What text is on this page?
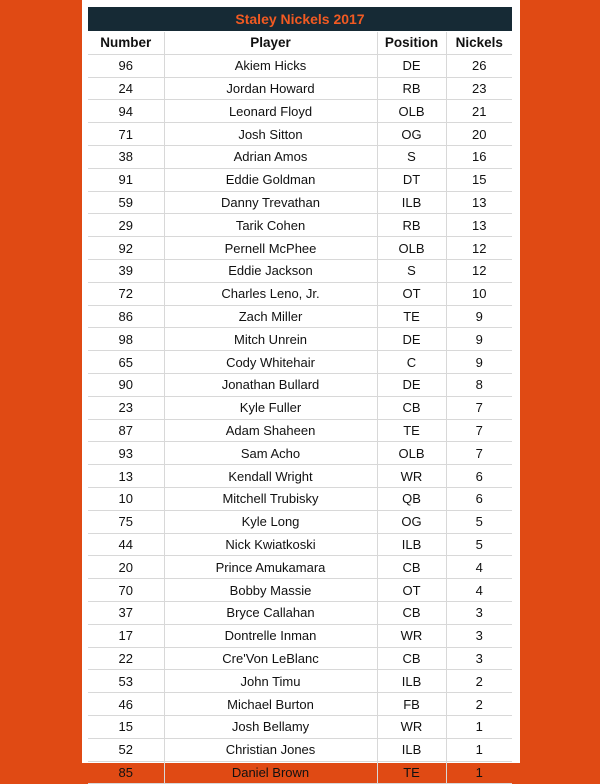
Staley Nickels 2017
Number	Player	Position	Nickels
96	Akiem Hicks	DE	26
24	Jordan Howard	RB	23
94	Leonard Floyd	OLB	21
71	Josh Sitton	OG	20
38	Adrian Amos	S	16
91	Eddie Goldman	DT	15
59	Danny Trevathan	ILB	13
29	Tarik Cohen	RB	13
92	Pernell McPhee	OLB	12
39	Eddie Jackson	S	12
72	Charles Leno, Jr.	OT	10
86	Zach Miller	TE	9
98	Mitch Unrein	DE	9
65	Cody Whitehair	C	9
90	Jonathan Bullard	DE	8
23	Kyle Fuller	CB	7
87	Adam Shaheen	TE	7
93	Sam Acho	OLB	7
13	Kendall Wright	WR	6
10	Mitchell Trubisky	QB	6
75	Kyle Long	OG	5
44	Nick Kwiatkoski	ILB	5
20	Prince Amukamara	CB	4
70	Bobby Massie	OT	4
37	Bryce Callahan	CB	3
17	Dontrelle Inman	WR	3
22	Cre'Von LeBlanc	CB	3
53	John Timu	ILB	2
46	Michael Burton	FB	2
15	Josh Bellamy	WR	1
52	Christian Jones	ILB	1
85	Daniel Brown	TE	1
